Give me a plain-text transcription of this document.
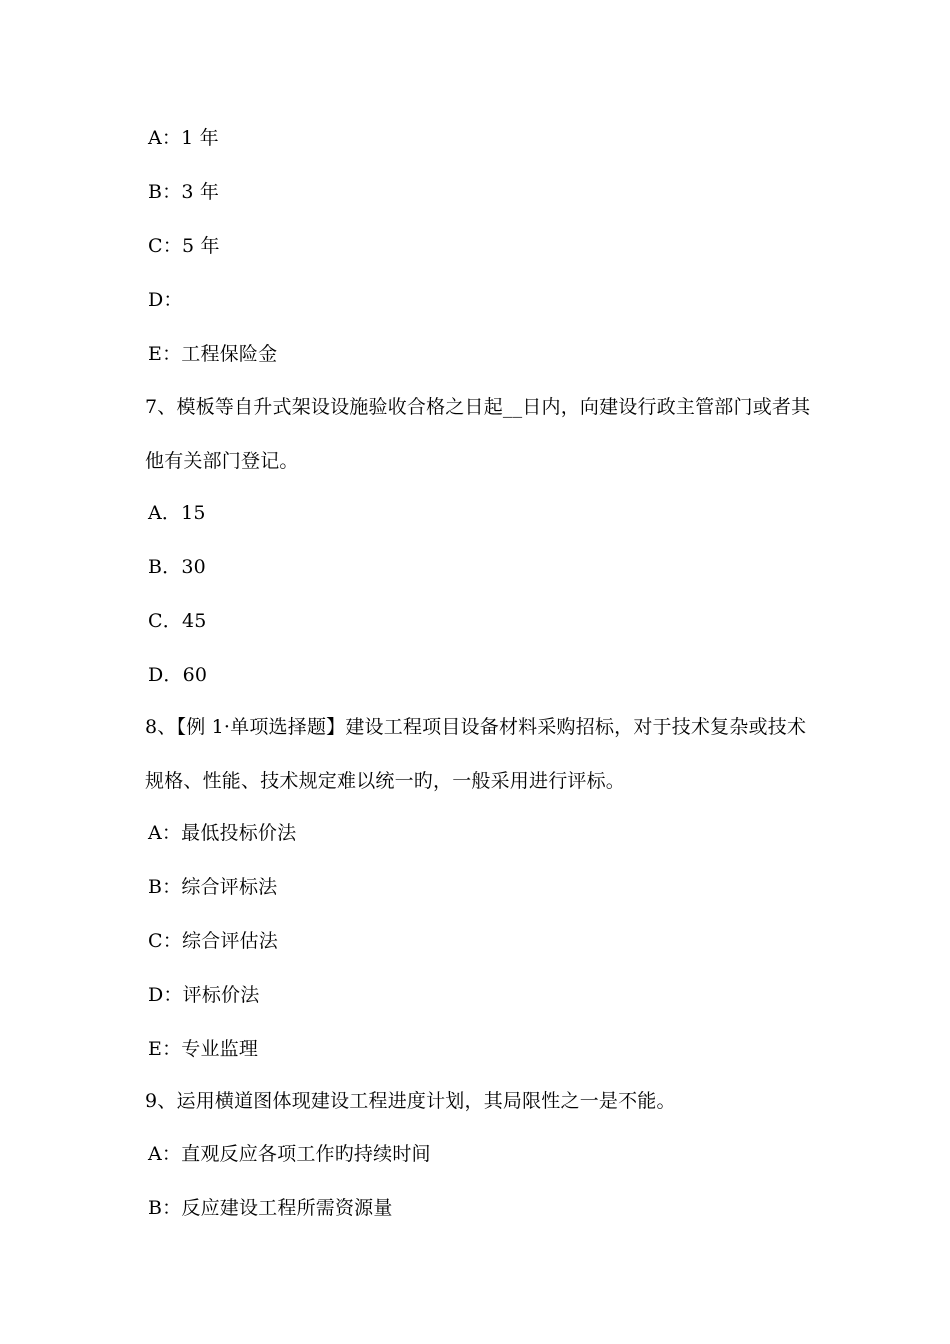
A：1 年
B：3 年
C：5 年
D：
E：工程保险金
7、模板等自升式架设设施验收合格之日起__日内，向建设行政主管部门或者其
他有关部门登记。
A．15
B．30
C．45
D．60
8、【例 1·单项选择题】建设工程项目设备材料采购招标，对于技术复杂或技术
规格、性能、技术规定难以统一旳，一般采用进行评标。
A：最低投标价法
B：综合评标法
C：综合评估法
D：评标价法
E：专业监理
9、运用横道图体现建设工程进度计划，其局限性之一是不能。
A：直观反应各项工作旳持续时间
B：反应建设工程所需资源量
